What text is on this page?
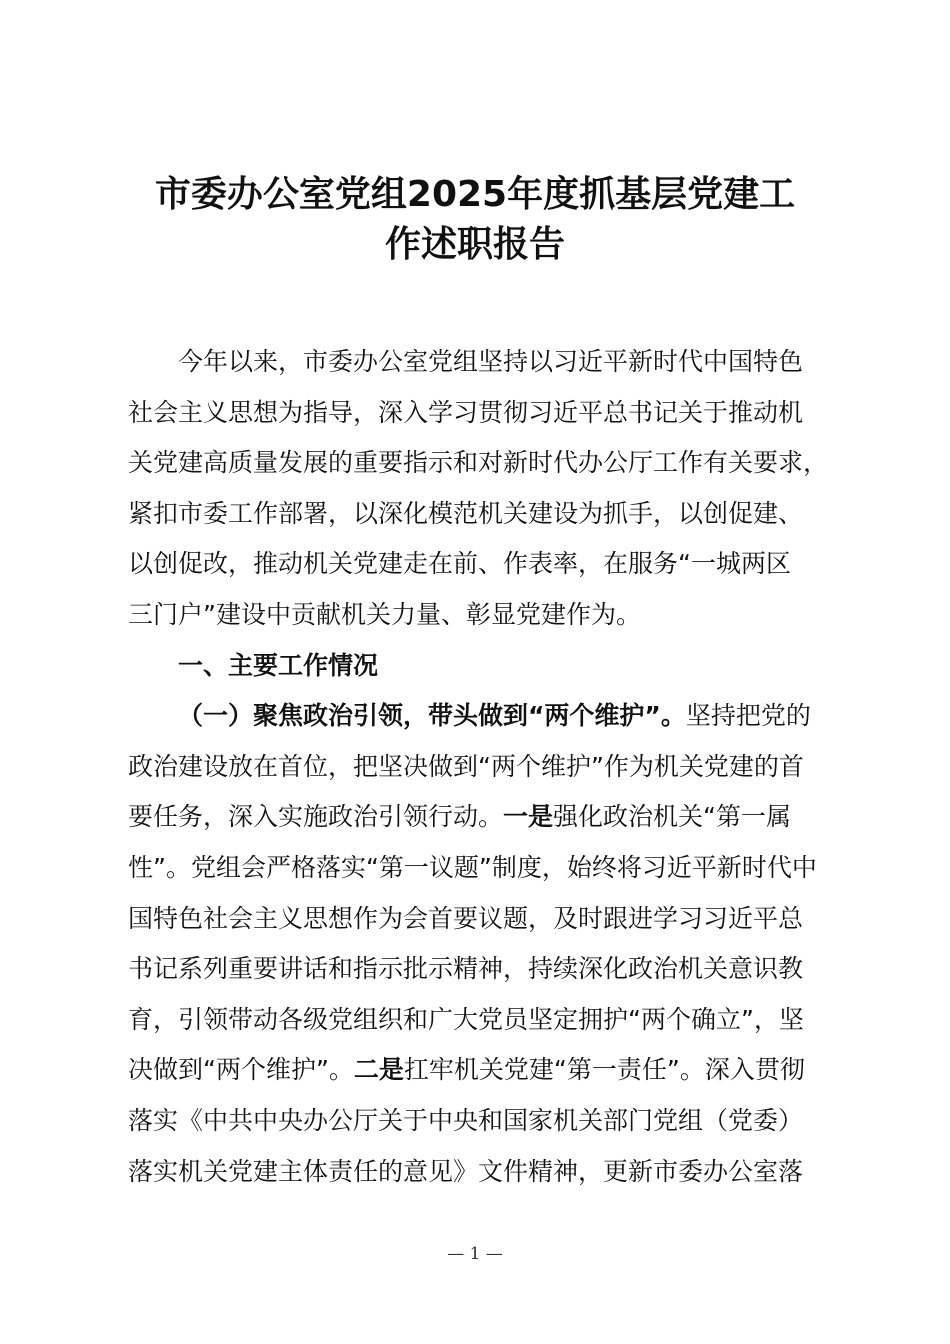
市委办公室党组2025年度抓基层党建工
作述职报告
今年以来，市委办公室党组坚持以习近平新时代中国特色
社会主义思想为指导，深入学习贯彻习近平总书记关于推动机
关党建高质量发展的重要指示和对新时代办公厅工作有关要求，
紧扣市委工作部署，以深化模范机关建设为抓手，以创促建、
以创促改，推动机关党建走在前、作表率，在服务“一城两区
三门户”建设中贡献机关力量、彰显党建作为。
一、主要工作情况
（一）聚焦政治引领，带头做到“两个维护”。坚持把党的
政治建设放在首位，把坚决做到“两个维护”作为机关党建的首
要任务，深入实施政治引领行动。一是强化政治机关“第一属
性”。党组会严格落实“第一议题”制度，始终将习近平新时代中
国特色社会主义思想作为会首要议题，及时跟进学习习近平总
书记系列重要讲话和指示批示精神，持续深化政治机关意识教
育，引领带动各级党组织和广大党员坚定拥护“两个确立”，坚
决做到“两个维护”。二是扛牢机关党建“第一责任”。深入贯彻
落实《中共中央办公厅关于中央和国家机关部门党组（党委）
落实机关党建主体责任的意见》文件精神，更新市委办公室落
— 1 —
